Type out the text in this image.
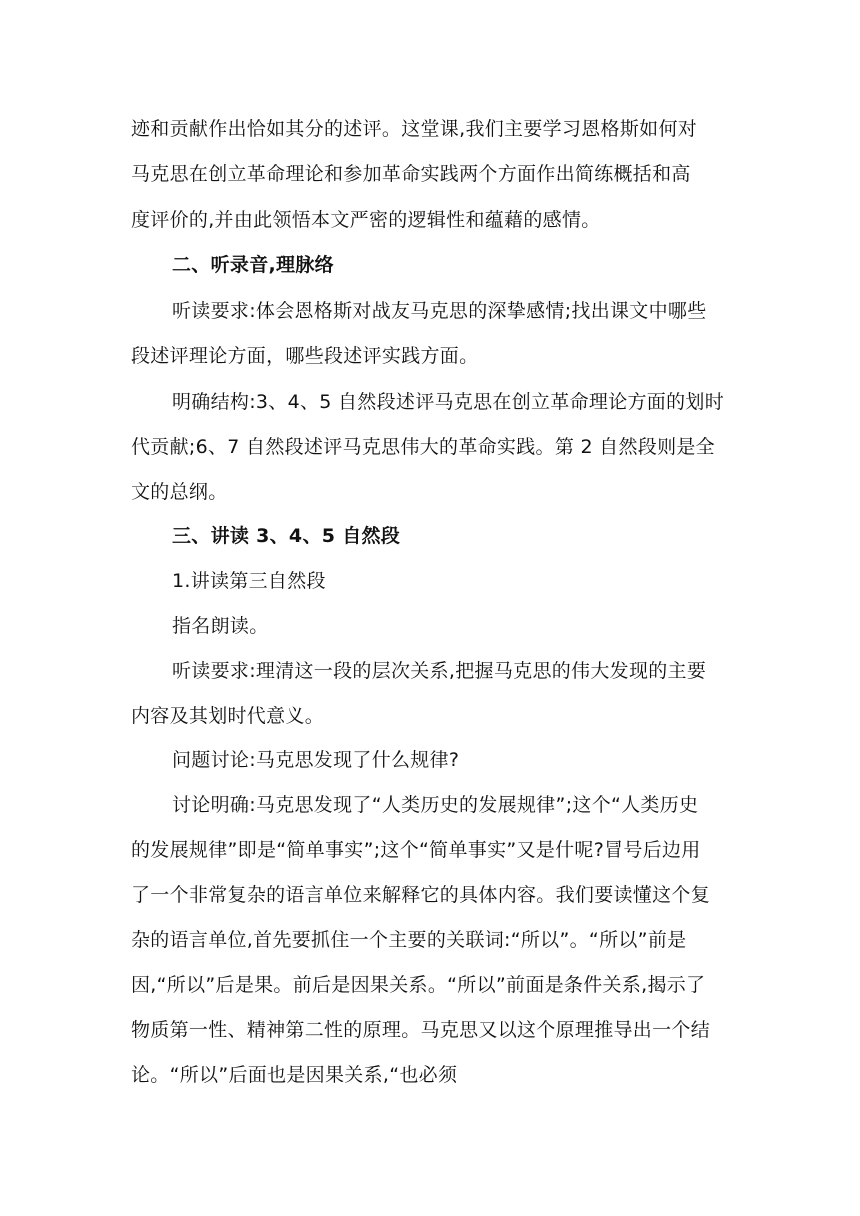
迹和贡献作出恰如其分的述评。这堂课,我们主要学习恩格斯如何对
马克思在创立革命理论和参加革命实践两个方面作出简练概括和高
度评价的,并由此领悟本文严密的逻辑性和蕴藉的感情。
二、听录音,理脉络
听读要求:体会恩格斯对战友马克思的深挚感情;找出课文中哪些
段述评理论方面，哪些段述评实践方面。
明确结构:3、4、5 自然段述评马克思在创立革命理论方面的划时
代贡献;6、7 自然段述评马克思伟大的革命实践。第 2 自然段则是全
文的总纲。
三、讲读 3、4、5 自然段
1.讲读第三自然段
指名朗读。
听读要求:理清这一段的层次关系,把握马克思的伟大发现的主要
内容及其划时代意义。
问题讨论:马克思发现了什么规律?
讨论明确:马克思发现了“人类历史的发展规律”;这个“人类历史
的发展规律”即是“简单事实”;这个“简单事实”又是什呢?冒号后边用
了一个非常复杂的语言单位来解释它的具体内容。我们要读懂这个复
杂的语言单位,首先要抓住一个主要的关联词:“所以”。“所以”前是
因,“所以”后是果。前后是因果关系。“所以”前面是条件关系,揭示了
物质第一性、精神第二性的原理。马克思又以这个原理推导出一个结
论。“所以”后面也是因果关系,“也必须
